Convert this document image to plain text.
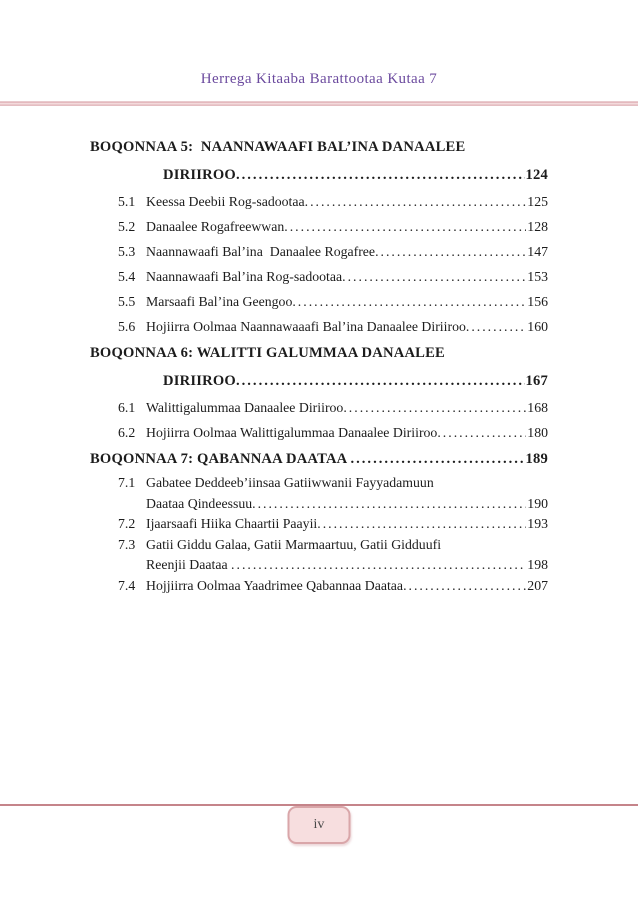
Herrega Kitaaba Barattootaa Kutaa 7
BOQONNAA 5:  NAANNAWAAFI BAL’INA DANAALEE
DIRIIROO .....	124
5.1 Keessa Deebii Rog-sadootaa .....	125
5.2 Danaalee Rogafreewwan .....	128
5.3 Naannawaafi Bal’ina  Danaalee Rogafree .....	147
5.4 Naannawaafi Bal’ina Rog-sadootaa .....	153
5.5 Marsaafi Bal’ina Geengoo .....	156
5.6 Hojiirra Oolmaa Naannawaaafi Bal’ina Danaalee Diriiroo .....	160
BOQONNAA 6: WALITTI GALUMMAA DANAALEE
DIRIIROO .....	167
6.1 Walittigalummaa Danaalee Diriiroo .....	168
6.2 Hojiirra Oolmaa Walittigalummaa Danaalee Diriiroo .....	180
BOQONNAA 7: QABANNAA DAATAA .....	189
7.1 Gabatee Deddeeb’iinsaa Gatiiwwanii Fayyadamuun
Daataa Qindeessuu .....	190
7.2 Ijaarsaafi Hiika Chaartii Paayii .....	193
7.3 Gatii Giddu Galaa, Gatii Marmaartuu, Gatii Gidduufi
Reenjii Daataa .....	198
7.4 Hojjiirra Oolmaa Yaadrimee Qabannaa Daataa .....	207
iv
